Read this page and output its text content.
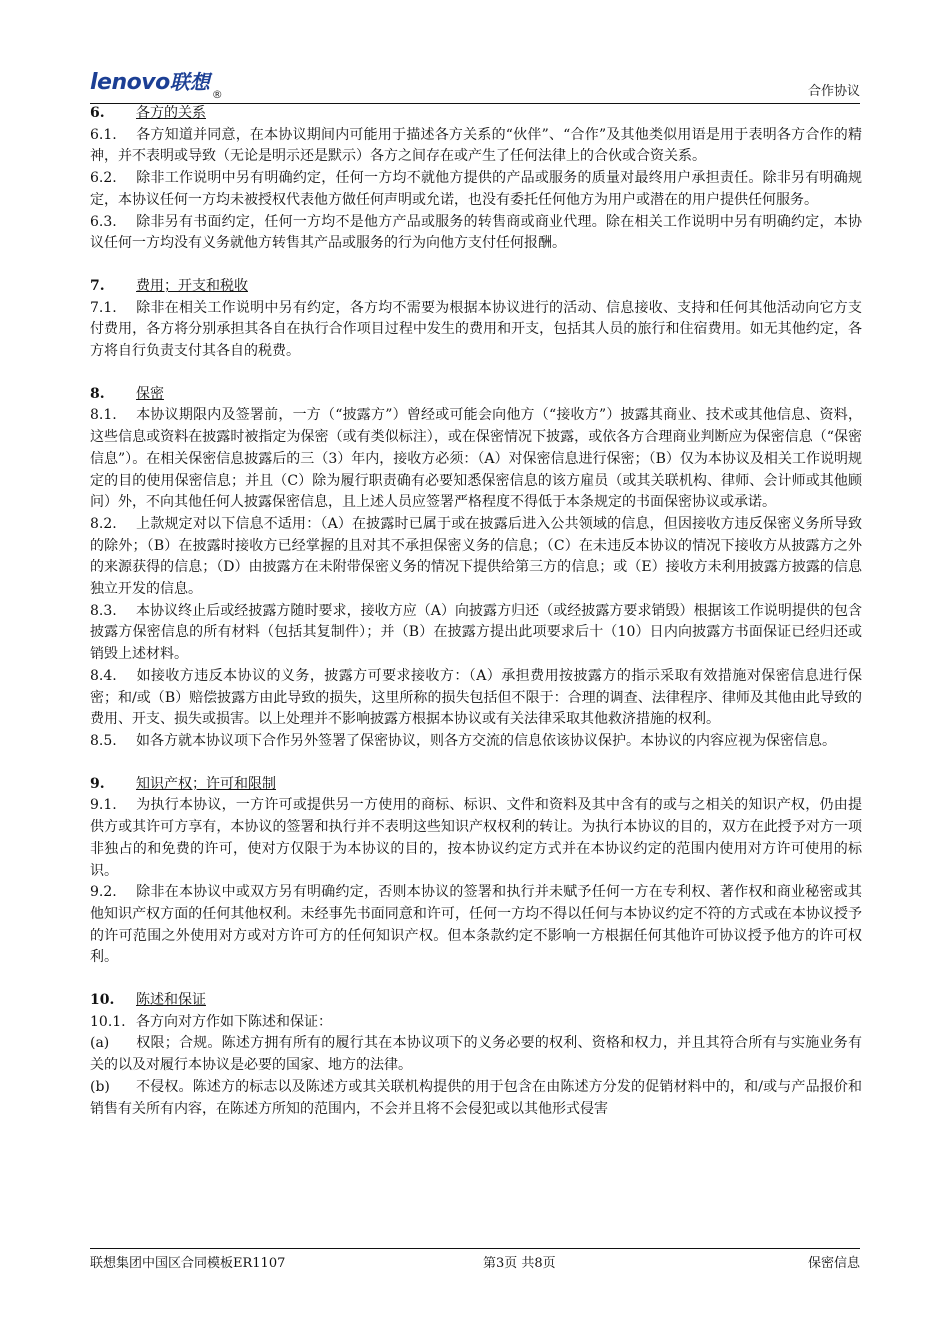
lenovo联想$_®$	合作协议
6.	各方的关系

6.1. 各方知道并同意，在本协议期间内可能用于描述各方关系的“伙伴”、“合作”及其他类似用语是用于表明各方合作的精神，并不表明或导致（无论是明示还是默示）各方之间存在或产生了任何法律上的合伙或合资关系。

6.2. 除非工作说明中另有明确约定，任何一方均不就他方提供的产品或服务的质量对最终用户承担责任。除非另有明确规定，本协议任何一方均未被授权代表他方做任何声明或允诺，也没有委托任何他方为用户或潜在的用户提供任何服务。

6.3. 除非另有书面约定，任何一方均不是他方产品或服务的转售商或商业代理。除在相关工作说明中另有明确约定，本协议任何一方均没有义务就他方转售其产品或服务的行为向他方支付任何报酬。

7.	费用；开支和税收

7.1. 除非在相关工作说明中另有约定，各方均不需要为根据本协议进行的活动、信息接收、支持和任何其他活动向它方支付费用，各方将分别承担其各自在执行合作项目过程中发生的费用和开支，包括其人员的旅行和住宿费用。如无其他约定，各方将自行负责支付其各自的税费。

8.	保密

8.1. 本协议期限内及签署前，一方（“披露方”）曾经或可能会向他方（“接收方”）披露其商业、技术或其他信息、资料，这些信息或资料在披露时被指定为保密（或有类似标注），或在保密情况下披露，或依各方合理商业判断应为保密信息（“保密信息”）。在相关保密信息披露后的三（3）年内，接收方必须：（A）对保密信息进行保密；（B）仅为本协议及相关工作说明规定的目的使用保密信息；并且（C）除为履行职责确有必要知悉保密信息的该方雇员（或其关联机构、律师、会计师或其他顾问）外，不向其他任何人披露保密信息，且上述人员应签署严格程度不得低于本条规定的书面保密协议或承诺。

8.2. 上款规定对以下信息不适用：（A）在披露时已属于或在披露后进入公共领域的信息，但因接收方违反保密义务所导致的除外；（B）在披露时接收方已经掌握的且对其不承担保密义务的信息；（C）在未违反本协议的情况下接收方从披露方之外的来源获得的信息；（D）由披露方在未附带保密义务的情况下提供给第三方的信息；或（E）接收方未利用披露方披露的信息独立开发的信息。

8.3. 本协议终止后或经披露方随时要求，接收方应（A）向披露方归还（或经披露方要求销毁）根据该工作说明提供的包含披露方保密信息的所有材料（包括其复制件）；并（B）在披露方提出此项要求后十（10）日内向披露方书面保证已经归还或销毁上述材料。

8.4. 如接收方违反本协议的义务，披露方可要求接收方：（A）承担费用按披露方的指示采取有效措施对保密信息进行保密；和/或（B）赔偿披露方由此导致的损失，这里所称的损失包括但不限于：合理的调查、法律程序、律师及其他由此导致的费用、开支、损失或损害。以上处理并不影响披露方根据本协议或有关法律采取其他救济措施的权利。

8.5. 如各方就本协议项下合作另外签署了保密协议，则各方交流的信息依该协议保护。本协议的内容应视为保密信息。

9.	知识产权；许可和限制

9.1. 为执行本协议，一方许可或提供另一方使用的商标、标识、文件和资料及其中含有的或与之相关的知识产权，仍由提供方或其许可方享有，本协议的签署和执行并不表明这些知识产权权利的转让。为执行本协议的目的，双方在此授予对方一项非独占的和免费的许可，使对方仅限于为本协议的目的，按本协议约定方式并在本协议约定的范围内使用对方许可使用的标识。

9.2. 除非在本协议中或双方另有明确约定，否则本协议的签署和执行并未赋予任何一方在专利权、著作权和商业秘密或其他知识产权方面的任何其他权利。未经事先书面同意和许可，任何一方均不得以任何与本协议约定不符的方式或在本协议授予的许可范围之外使用对方或对方许可方的任何知识产权。但本条款约定不影响一方根据任何其他许可协议授予他方的许可权利。

10.	陈述和保证

10.1. 各方向对方作如下陈述和保证：

(a) 权限；合规。陈述方拥有所有的履行其在本协议项下的义务必要的权利、资格和权力，并且其符合所有与实施业务有关的以及对履行本协议是必要的国家、地方的法律。

(b) 不侵权。陈述方的标志以及陈述方或其关联机构提供的用于包含在由陈述方分发的促销材料中的，和/或与产品报价和销售有关所有内容，在陈述方所知的范围内，不会并且将不会侵犯或以其他形式侵害

联想集团中国区合同模板ER1107	第3页 共8页	保密信息
